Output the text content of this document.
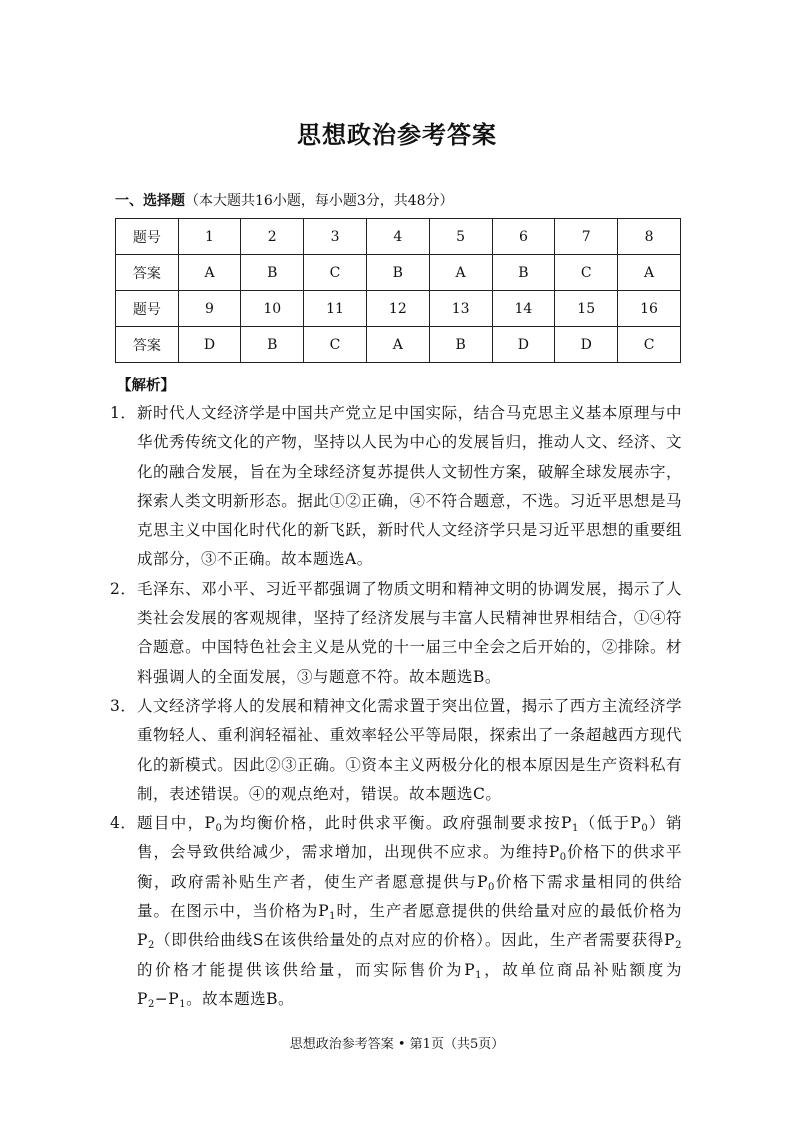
思想政治参考答案
一、选择题（本大题共16小题，每小题3分，共48分）
题号	1	2	3	4	5	6	7	8
答案	A	B	C	B	A	B	C	A
题号	9	10	11	12	13	14	15	16
答案	D	B	C	A	B	D	D	C
【解析】
1． 新时代人文经济学是中国共产党立足中国实际，结合马克思主义基本原理与中华优秀传统文化的产物，坚持以人民为中心的发展旨归，推动人文、经济、文化的融合发展，旨在为全球经济复苏提供人文韧性方案，破解全球发展赤字，探索人类文明新形态。据此①②正确，④不符合题意，不选。习近平思想是马克思主义中国化时代化的新飞跃，新时代人文经济学只是习近平思想的重要组成部分，③不正确。故本题选A。
2． 毛泽东、邓小平、习近平都强调了物质文明和精神文明的协调发展，揭示了人类社会发展的客观规律，坚持了经济发展与丰富人民精神世界相结合，①④符合题意。中国特色社会主义是从党的十一届三中全会之后开始的，②排除。材料强调人的全面发展，③与题意不符。故本题选B。
3． 人文经济学将人的发展和精神文化需求置于突出位置，揭示了西方主流经济学重物轻人、重利润轻福祉、重效率轻公平等局限，探索出了一条超越西方现代化的新模式。因此②③正确。①资本主义两极分化的根本原因是生产资料私有制，表述错误。④的观点绝对，错误。故本题选C。
4． 题目中，$P_0$为均衡价格，此时供求平衡。政府强制要求按$P_1$（低于$P_0$）销售，会导致供给减少，需求增加，出现供不应求。为维持$P_0$价格下的供求平衡，政府需补贴生产者，使生产者愿意提供与$P_0$价格下需求量相同的供给量。在图示中，当价格为$P_1$时，生产者愿意提供的供给量对应的最低价格为$P_2$（即供给曲线S在该供给量处的点对应的价格）。因此，生产者需要获得$P_2$的价格才能提供该供给量，而实际售价为$P_1$，故单位商品补贴额度为$P_2-P_1$。故本题选B。
思想政治参考答案 • 第1页（共5页）
